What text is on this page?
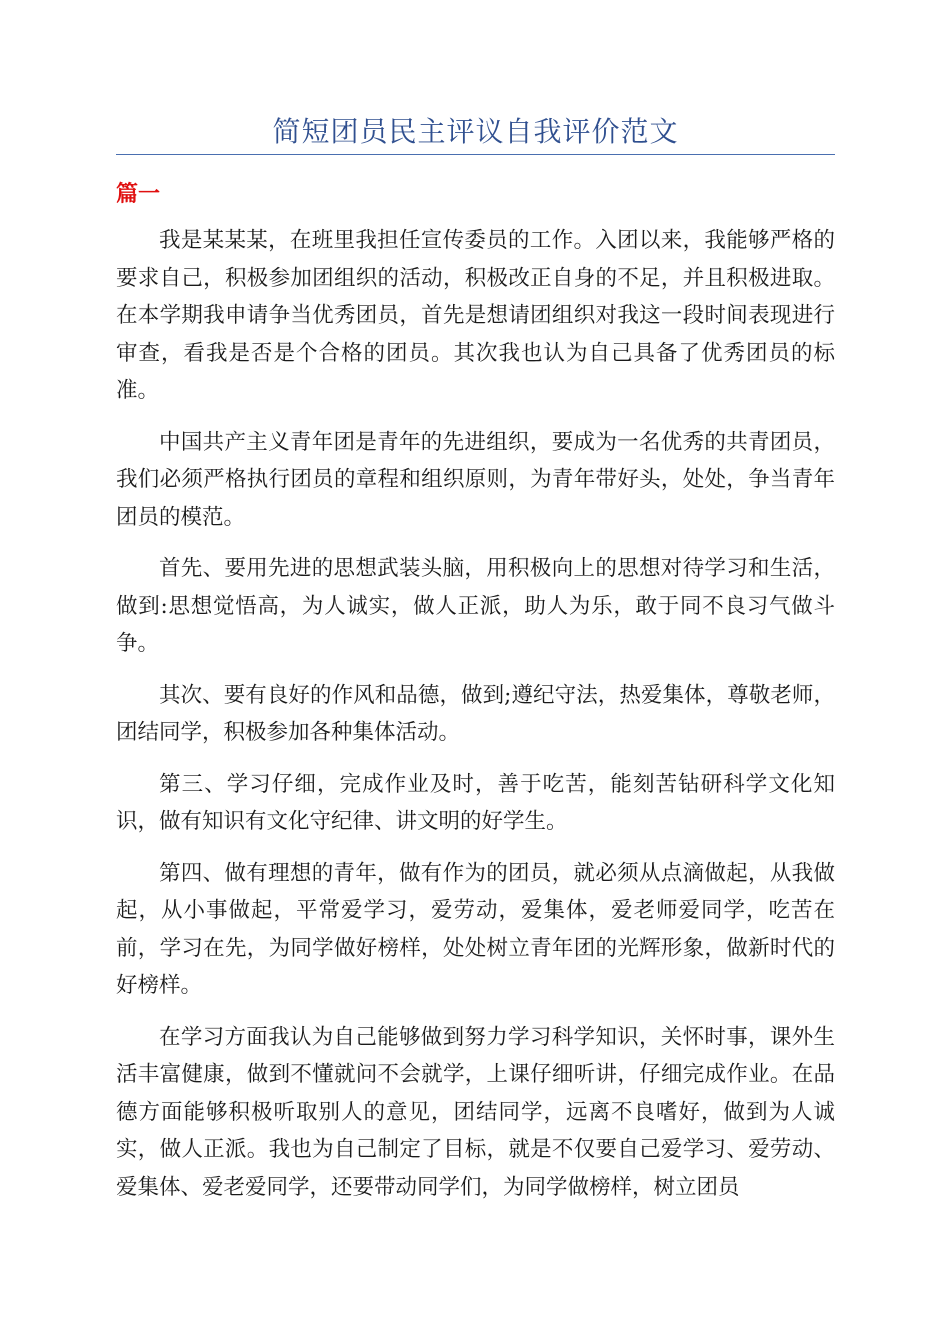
简短团员民主评议自我评价范文
篇一

我是某某某，在班里我担任宣传委员的工作。入团以来，我能够严格的要求自己，积极参加团组织的活动，积极改正自身的不足，并且积极进取。在本学期我申请争当优秀团员，首先是想请团组织对我这一段时间表现进行审查，看我是否是个合格的团员。其次我也认为自己具备了优秀团员的标准。

中国共产主义青年团是青年的先进组织，要成为一名优秀的共青团员，我们必须严格执行团员的章程和组织原则，为青年带好头，处处，争当青年团员的模范。

首先、要用先进的思想武装头脑，用积极向上的思想对待学习和生活，做到:思想觉悟高，为人诚实，做人正派，助人为乐，敢于同不良习气做斗争。

其次、要有良好的作风和品德，做到;遵纪守法，热爱集体，尊敬老师，团结同学，积极参加各种集体活动。

第三、学习仔细，完成作业及时，善于吃苦，能刻苦钻研科学文化知识，做有知识有文化守纪律、讲文明的好学生。

第四、做有理想的青年，做有作为的团员，就必须从点滴做起，从我做起，从小事做起，平常爱学习，爱劳动，爱集体，爱老师爱同学，吃苦在前，学习在先，为同学做好榜样，处处树立青年团的光辉形象，做新时代的好榜样。

在学习方面我认为自己能够做到努力学习科学知识，关怀时事，课外生活丰富健康，做到不懂就问不会就学，上课仔细听讲，仔细完成作业。在品德方面能够积极听取别人的意见，团结同学，远离不良嗜好，做到为人诚实，做人正派。我也为自己制定了目标，就是不仅要自己爱学习、爱劳动、爱集体、爱老爱同学，还要带动同学们，为同学做榜样，树立团员
